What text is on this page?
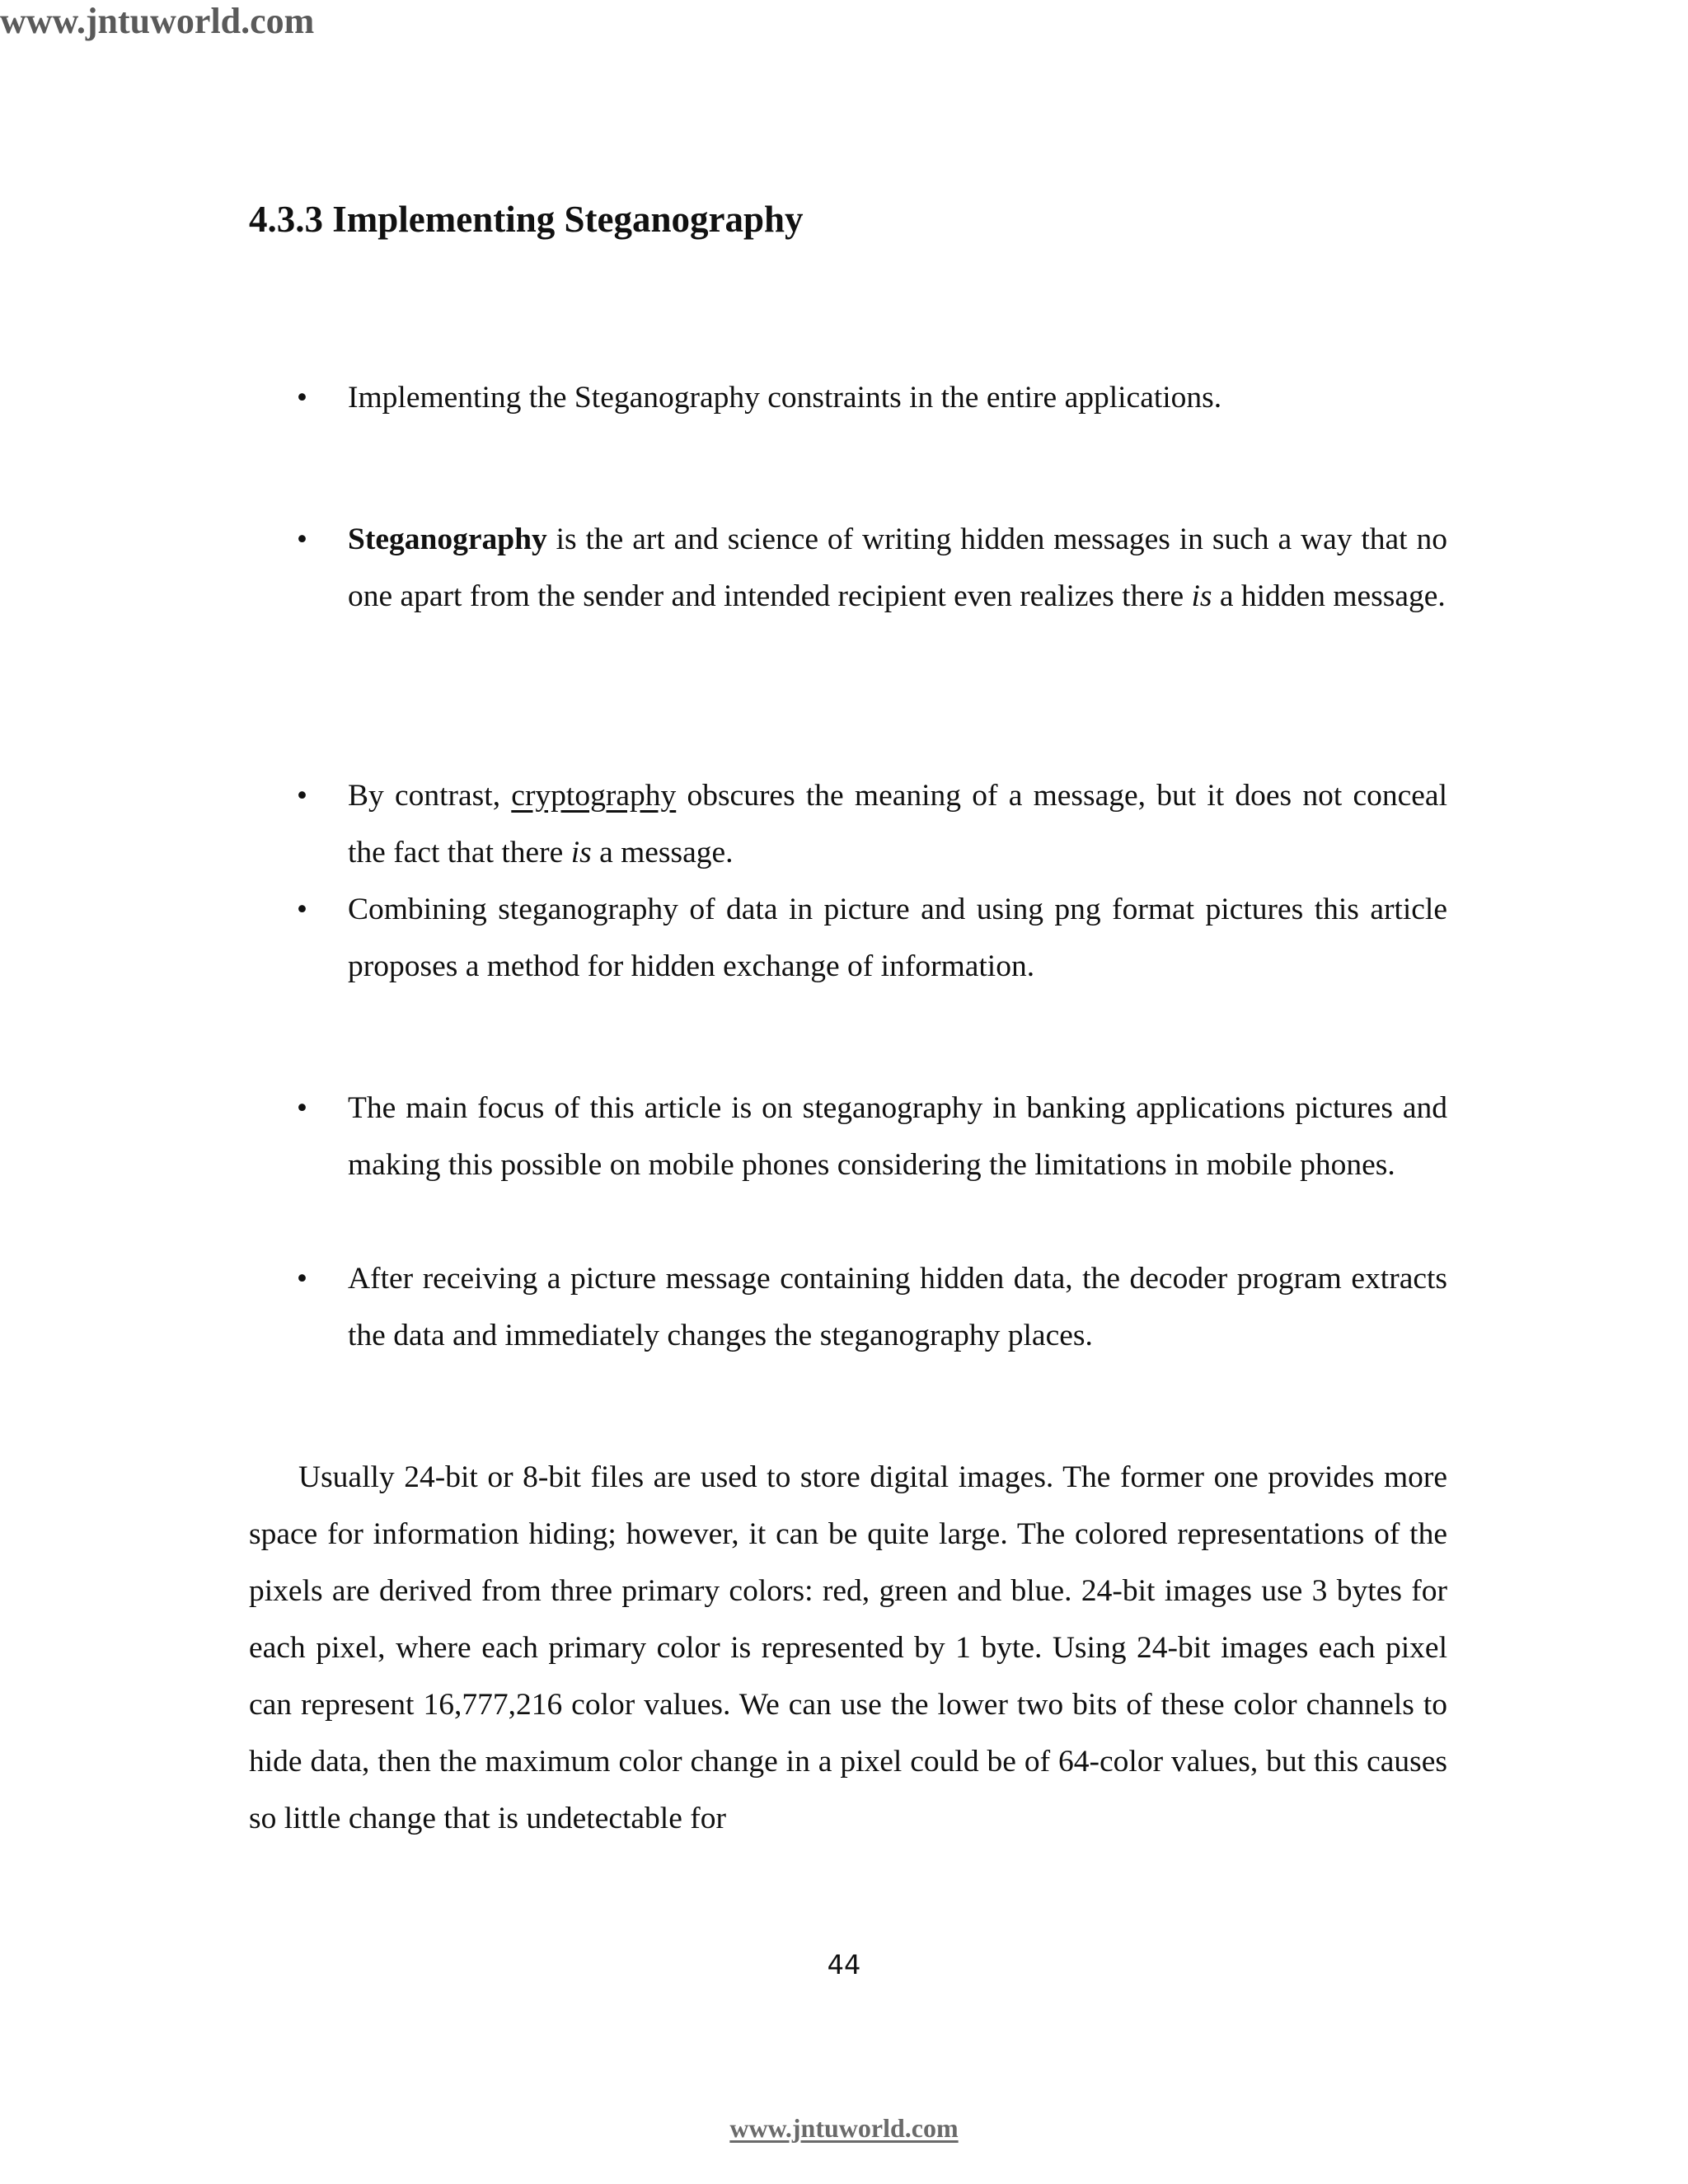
www.jntuworld.com
4.3.3 Implementing Steganography
• Implementing the Steganography constraints in the entire applications.
• Steganography is the art and science of writing hidden messages in such a way that no one apart from the sender and intended recipient even realizes there is a hidden message.
• By contrast, cryptography obscures the meaning of a message, but it does not conceal the fact that there is a message.
• Combining steganography of data in picture and using png format pictures this article proposes a method for hidden exchange of information.
• The main focus of this article is on steganography in banking applications pictures and making this possible on mobile phones considering the limitations in mobile phones.
• After receiving a picture message containing hidden data, the decoder program extracts the data and immediately changes the steganography places.

Usually 24-bit or 8-bit files are used to store digital images. The former one provides more space for information hiding; however, it can be quite large. The colored representations of the pixels are derived from three primary colors: red, green and blue. 24-bit images use 3 bytes for each pixel, where each primary color is represented by 1 byte. Using 24-bit images each pixel can represent 16,777,216 color values. We can use the lower two bits of these color channels to hide data, then the maximum color change in a pixel could be of 64-color values, but this causes so little change that is undetectable for

44
www.jntuworld.com
